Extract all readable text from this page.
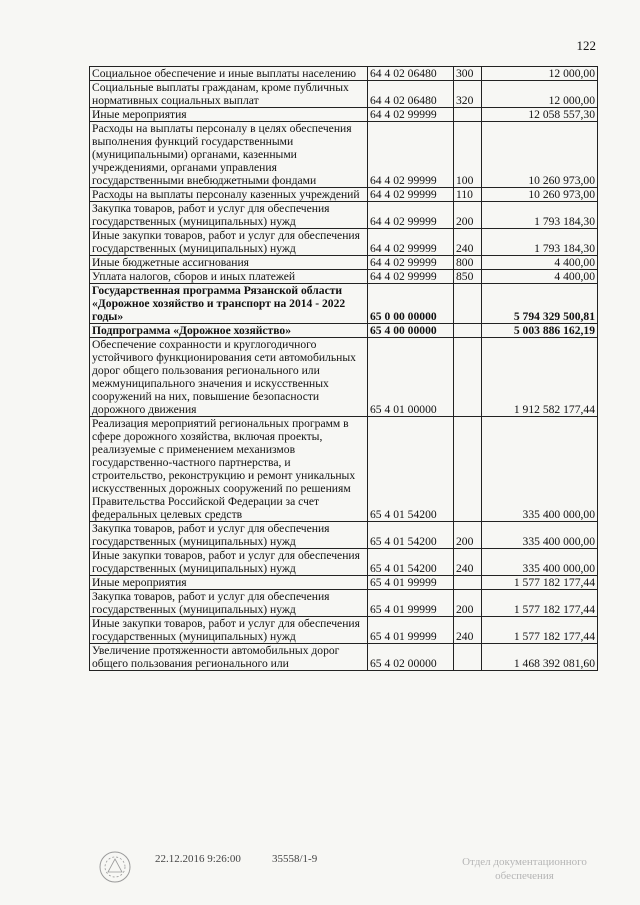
122
Социальное обеспечение и иные выплаты населению	64 4 02 06480	300	12 000,00
Социальные выплаты гражданам, кроме публичных нормативных социальных выплат	64 4 02 06480	320	12 000,00
Иные мероприятия	64 4 02 99999		12 058 557,30
Расходы на выплаты персоналу в целях обеспечения выполнения функций государственными (муниципальными) органами, казенными учреждениями, органами управления государственными внебюджетными фондами	64 4 02 99999	100	10 260 973,00
Расходы на выплаты персоналу казенных учреждений	64 4 02 99999	110	10 260 973,00
Закупка товаров, работ и услуг для обеспечения государственных (муниципальных) нужд	64 4 02 99999	200	1 793 184,30
Иные закупки товаров, работ и услуг для обеспечения государственных (муниципальных) нужд	64 4 02 99999	240	1 793 184,30
Иные бюджетные ассигнования	64 4 02 99999	800	4 400,00
Уплата налогов, сборов и иных платежей	64 4 02 99999	850	4 400,00
Государственная программа Рязанской области «Дорожное хозяйство и транспорт на 2014 - 2022 годы»	65 0 00 00000		5 794 329 500,81
Подпрограмма «Дорожное хозяйство»	65 4 00 00000		5 003 886 162,19
Обеспечение сохранности и круглогодичного устойчивого функционирования сети автомобильных дорог общего пользования регионального или межмуниципального значения и искусственных сооружений на них, повышение безопасности дорожного движения	65 4 01 00000		1 912 582 177,44
Реализация мероприятий региональных программ в сфере дорожного хозяйства, включая проекты, реализуемые с применением механизмов государственно-частного партнерства, и строительство, реконструкцию и ремонт уникальных искусственных дорожных сооружений по решениям Правительства Российской Федерации за счет федеральных целевых средств	65 4 01 54200		335 400 000,00
Закупка товаров, работ и услуг для обеспечения государственных (муниципальных) нужд	65 4 01 54200	200	335 400 000,00
Иные закупки товаров, работ и услуг для обеспечения государственных (муниципальных) нужд	65 4 01 54200	240	335 400 000,00
Иные мероприятия	65 4 01 99999		1 577 182 177,44
Закупка товаров, работ и услуг для обеспечения государственных (муниципальных) нужд	65 4 01 99999	200	1 577 182 177,44
Иные закупки товаров, работ и услуг для обеспечения государственных (муниципальных) нужд	65 4 01 99999	240	1 577 182 177,44
Увеличение протяженности автомобильных дорог общего пользования регионального или	65 4 02 00000		1 468 392 081,60
22.12.2016 9:26:00	35558/1-9	Отдел документационного обеспечения
